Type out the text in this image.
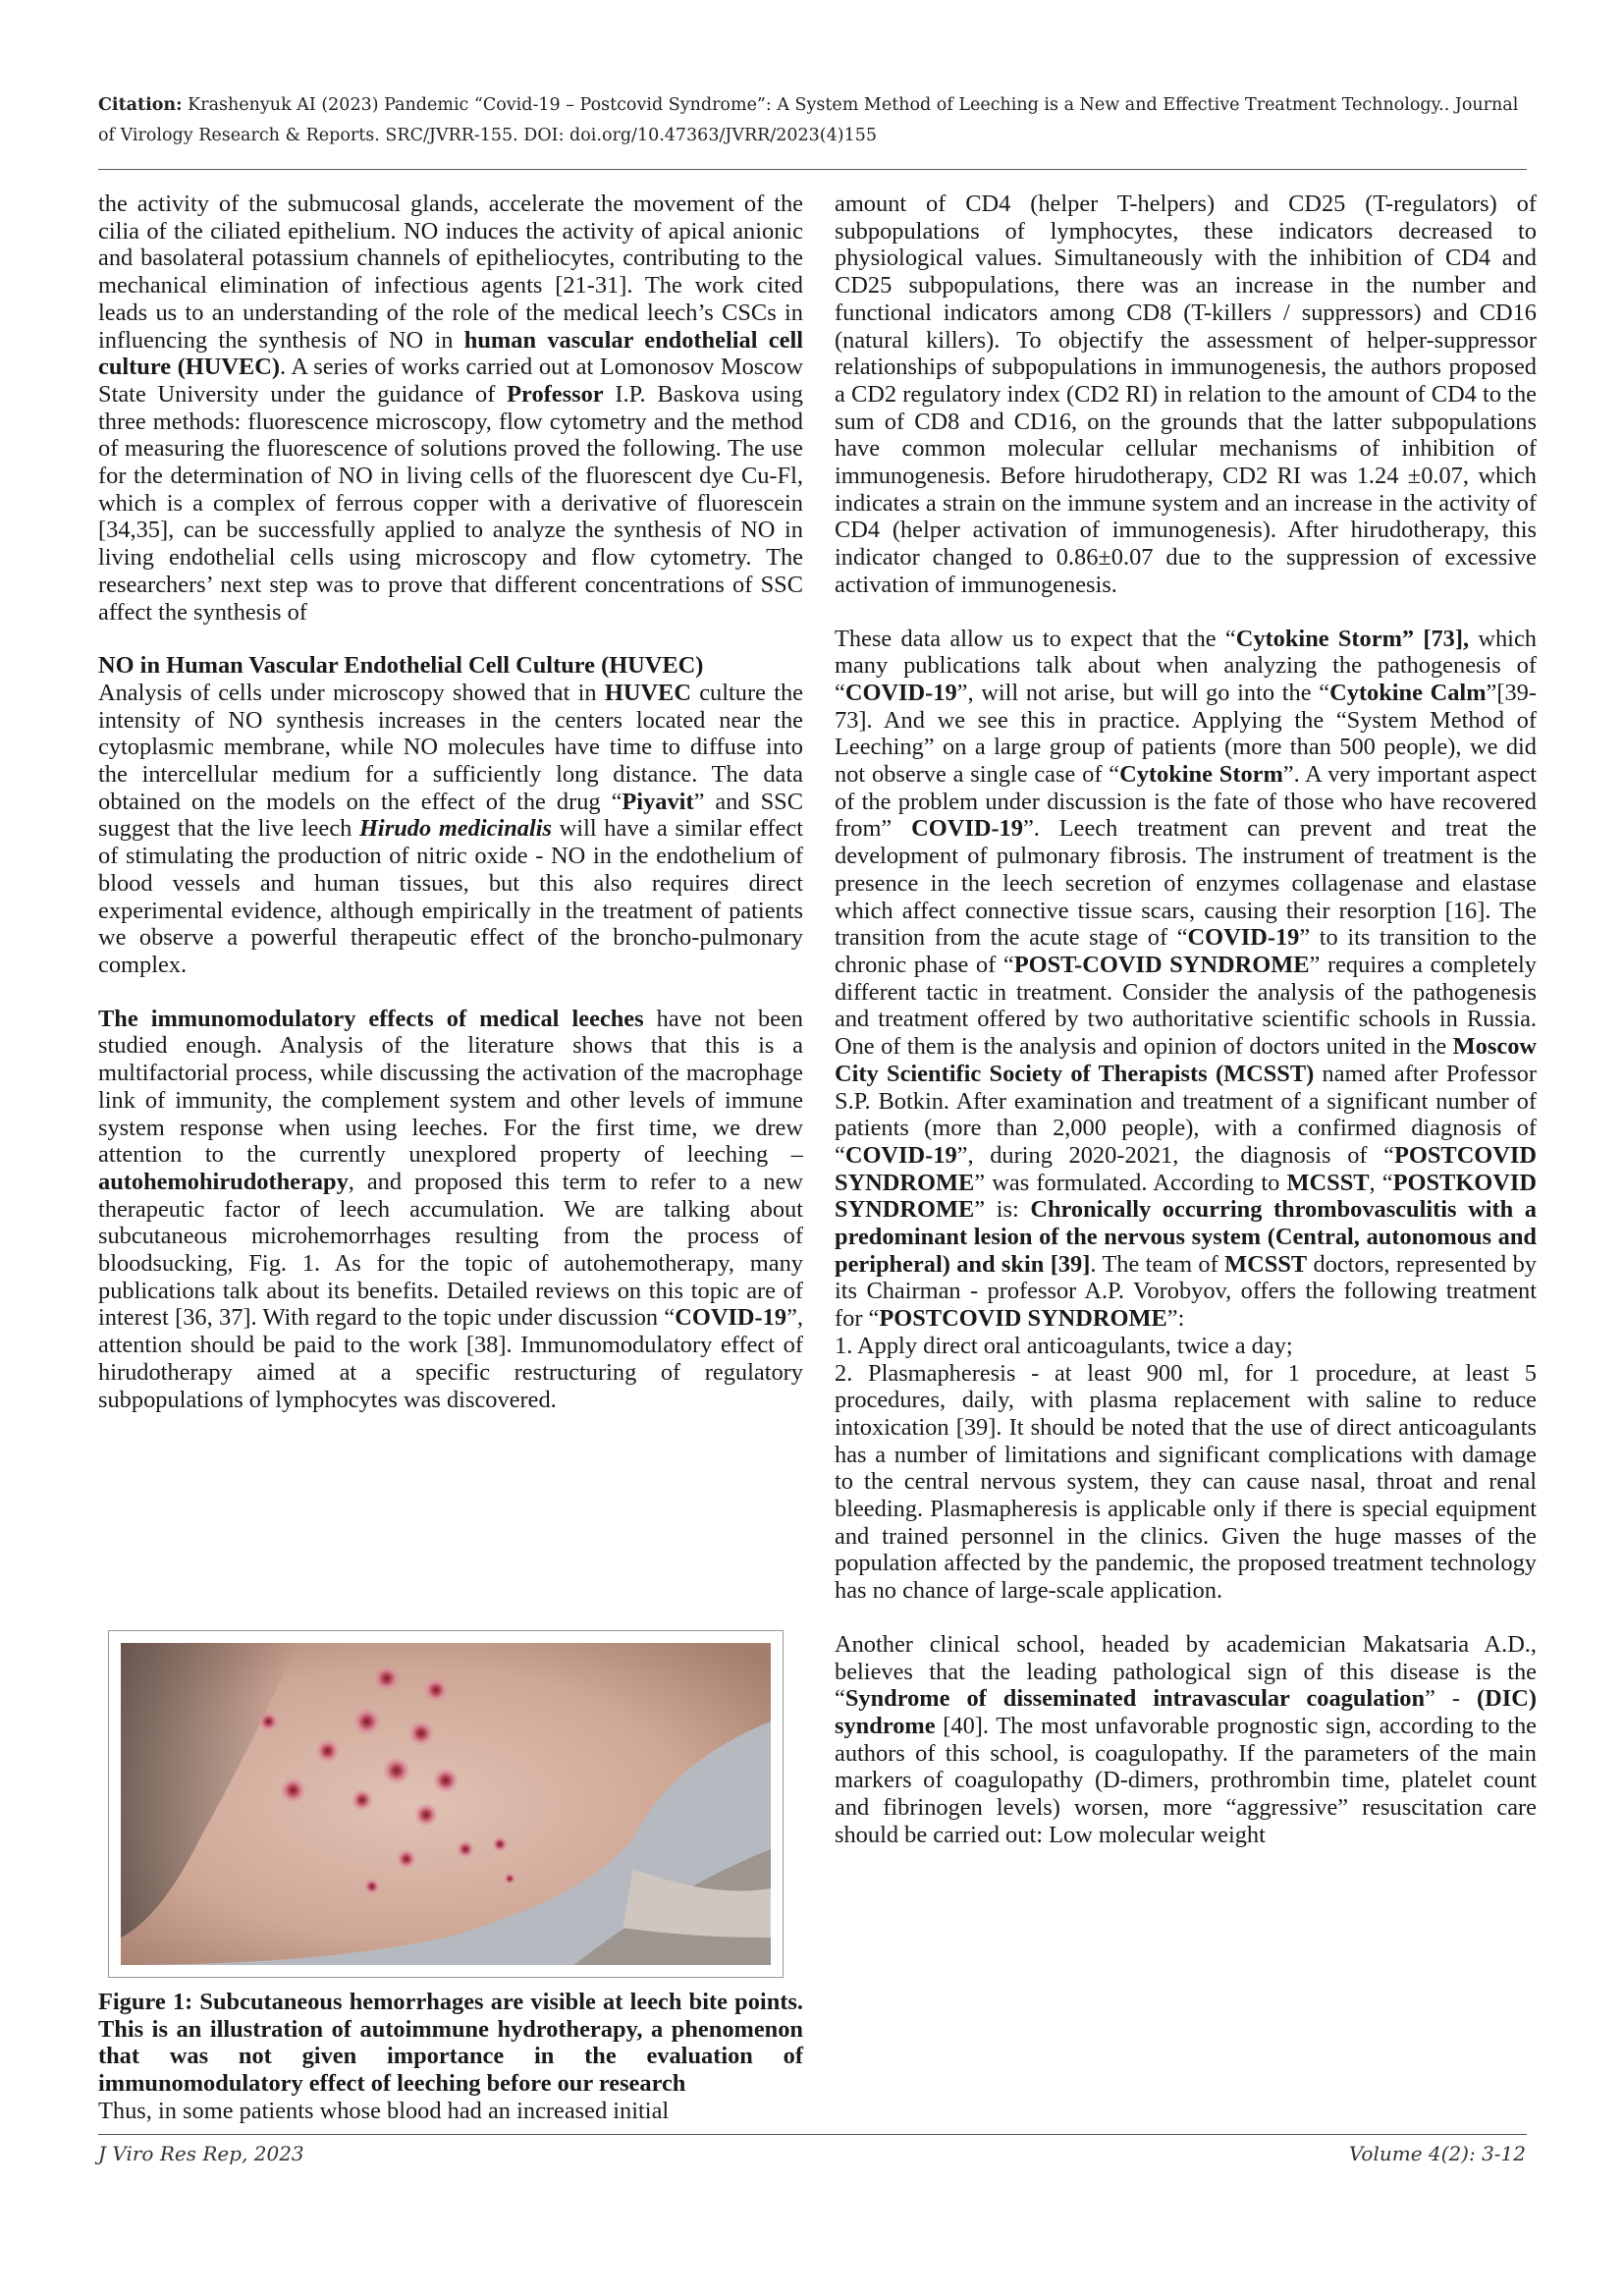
Citation: Krashenyuk AI (2023) Pandemic “Covid-19 – Postcovid Syndrome”: A System Method of Leeching is a New and Effective Treatment Technology.. Journal of Virology Research & Reports. SRC/JVRR-155. DOI: doi.org/10.47363/JVRR/2023(4)155

the activity of the submucosal glands, accelerate the movement of the cilia of the ciliated epithelium. NO induces the activity of apical anionic and basolateral potassium channels of epitheliocytes, contributing to the mechanical elimination of infectious agents [21-31]. The work cited leads us to an understanding of the role of the medical leech’s CSCs in influencing the synthesis of NO in human vascular endothelial cell culture (HUVEC). A series of works carried out at Lomonosov Moscow State University under the guidance of Professor I.P. Baskova using three methods: fluorescence microscopy, flow cytometry and the method of measuring the fluorescence of solutions proved the following. The use for the determination of NO in living cells of the fluorescent dye Cu-Fl, which is a complex of ferrous copper with a derivative of fluorescein [34,35], can be successfully applied to analyze the synthesis of NO in living endothelial cells using microscopy and flow cytometry. The researchers’ next step was to prove that different concentrations of SSC affect the synthesis of

NO in Human Vascular Endothelial Cell Culture (HUVEC)

Analysis of cells under microscopy showed that in HUVEC culture the intensity of NO synthesis increases in the centers located near the cytoplasmic membrane, while NO molecules have time to diffuse into the intercellular medium for a sufficiently long distance. The data obtained on the models on the effect of the drug “Piyavit” and SSC suggest that the live leech Hirudo medicinalis will have a similar effect of stimulating the production of nitric oxide - NO in the endothelium of blood vessels and human tissues, but this also requires direct experimental evidence, although empirically in the treatment of patients we observe a powerful therapeutic effect of the broncho-pulmonary complex.

The immunomodulatory effects of medical leeches have not been studied enough. Analysis of the literature shows that this is a multifactorial process, while discussing the activation of the macrophage link of immunity, the complement system and other levels of immune system response when using leeches. For the first time, we drew attention to the currently unexplored property of leeching – autohemohirudotherapy, and proposed this term to refer to a new therapeutic factor of leech accumulation. We are talking about subcutaneous microhemorrhages resulting from the process of bloodsucking, Fig. 1. As for the topic of autohemotherapy, many publications talk about its benefits. Detailed reviews on this topic are of interest [36, 37]. With regard to the topic under discussion “COVID-19”, attention should be paid to the work [38]. Immunomodulatory effect of hirudotherapy aimed at a specific restructuring of regulatory subpopulations of lymphocytes was discovered.

Figure 1: Subcutaneous hemorrhages are visible at leech bite points. This is an illustration of autoimmune hydrotherapy, a phenomenon that was not given importance in the evaluation of immunomodulatory effect of leeching before our research

Thus, in some patients whose blood had an increased initial

amount of CD4 (helper T-helpers) and CD25 (T-regulators) of subpopulations of lymphocytes, these indicators decreased to physiological values. Simultaneously with the inhibition of CD4 and CD25 subpopulations, there was an increase in the number and functional indicators among CD8 (T-killers / suppressors) and CD16 (natural killers). To objectify the assessment of helper-suppressor relationships of subpopulations in immunogenesis, the authors proposed a CD2 regulatory index (CD2 RI) in relation to the amount of CD4 to the sum of CD8 and CD16, on the grounds that the latter subpopulations have common molecular cellular mechanisms of inhibition of immunogenesis. Before hirudotherapy, CD2 RI was 1.24 ±0.07, which indicates a strain on the immune system and an increase in the activity of CD4 (helper activation of immunogenesis). After hirudotherapy, this indicator changed to 0.86±0.07 due to the suppression of excessive activation of immunogenesis.

These data allow us to expect that the “Cytokine Storm” [73], which many publications talk about when analyzing the pathogenesis of “COVID-19”, will not arise, but will go into the “Cytokine Calm”[39-73]. And we see this in practice. Applying the “System Method of Leeching” on a large group of patients (more than 500 people), we did not observe a single case of “Cytokine Storm”. A very important aspect of the problem under discussion is the fate of those who have recovered from” COVID-19”. Leech treatment can prevent and treat the development of pulmonary fibrosis. The instrument of treatment is the presence in the leech secretion of enzymes collagenase and elastase which affect connective tissue scars, causing their resorption [16]. The transition from the acute stage of “COVID-19” to its transition to the chronic phase of “POST-COVID SYNDROME” requires a completely different tactic in treatment. Consider the analysis of the pathogenesis and treatment offered by two authoritative scientific schools in Russia. One of them is the analysis and opinion of doctors united in the Moscow City Scientific Society of Therapists (MCSST) named after Professor S.P. Botkin. After examination and treatment of a significant number of patients (more than 2,000 people), with a confirmed diagnosis of “COVID-19”, during 2020-2021, the diagnosis of “POSTCOVID SYNDROME” was formulated. According to MCSST, “POSTKOVID SYNDROME” is: Chronically occurring thrombovasculitis with a predominant lesion of the nervous system (Central, autonomous and peripheral) and skin [39]. The team of MCSST doctors, represented by its Chairman - professor A.P. Vorobyov, offers the following treatment for “POSTCOVID SYNDROME”:

1. Apply direct oral anticoagulants, twice a day;

2. Plasmapheresis - at least 900 ml, for 1 procedure, at least 5 procedures, daily, with plasma replacement with saline to reduce intoxication [39]. It should be noted that the use of direct anticoagulants has a number of limitations and significant complications with damage to the central nervous system, they can cause nasal, throat and renal bleeding. Plasmapheresis is applicable only if there is special equipment and trained personnel in the clinics. Given the huge masses of the population affected by the pandemic, the proposed treatment technology has no chance of large-scale application.

Another clinical school, headed by academician Makatsaria A.D., believes that the leading pathological sign of this disease is the “Syndrome of disseminated intravascular coagulation” - (DIC) syndrome [40]. The most unfavorable prognostic sign, according to the authors of this school, is coagulopathy. If the parameters of the main markers of coagulopathy (D-dimers, prothrombin time, platelet count and fibrinogen levels) worsen, more “aggressive” resuscitation care should be carried out: Low molecular weight

J Viro Res Rep, 2023	Volume 4(2): 3-12
